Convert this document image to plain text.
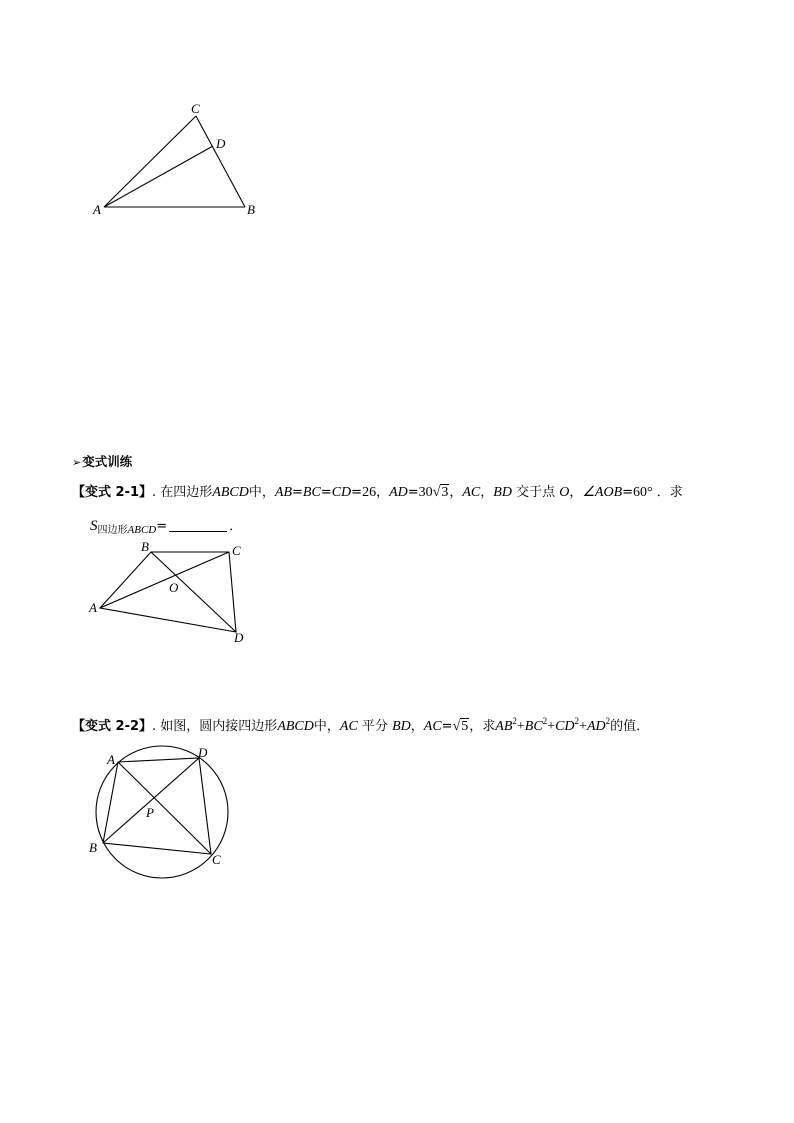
C
D
A	B
➢变式训练
【变式 2-1】. 在四边形ABCD中，AB=BC=CD=26，AD=30√3，AC，BD 交于点 O，∠AOB=60° ．求
$S_{四边形ABCD}=$	．
B	C
O
A
D
【变式 2-2】. 如图，圆内接四边形ABCD中，AC 平分 BD，AC=√5，求$AB^2+BC^2+CD^2+AD^2$的值．
A	D
P
B
C
